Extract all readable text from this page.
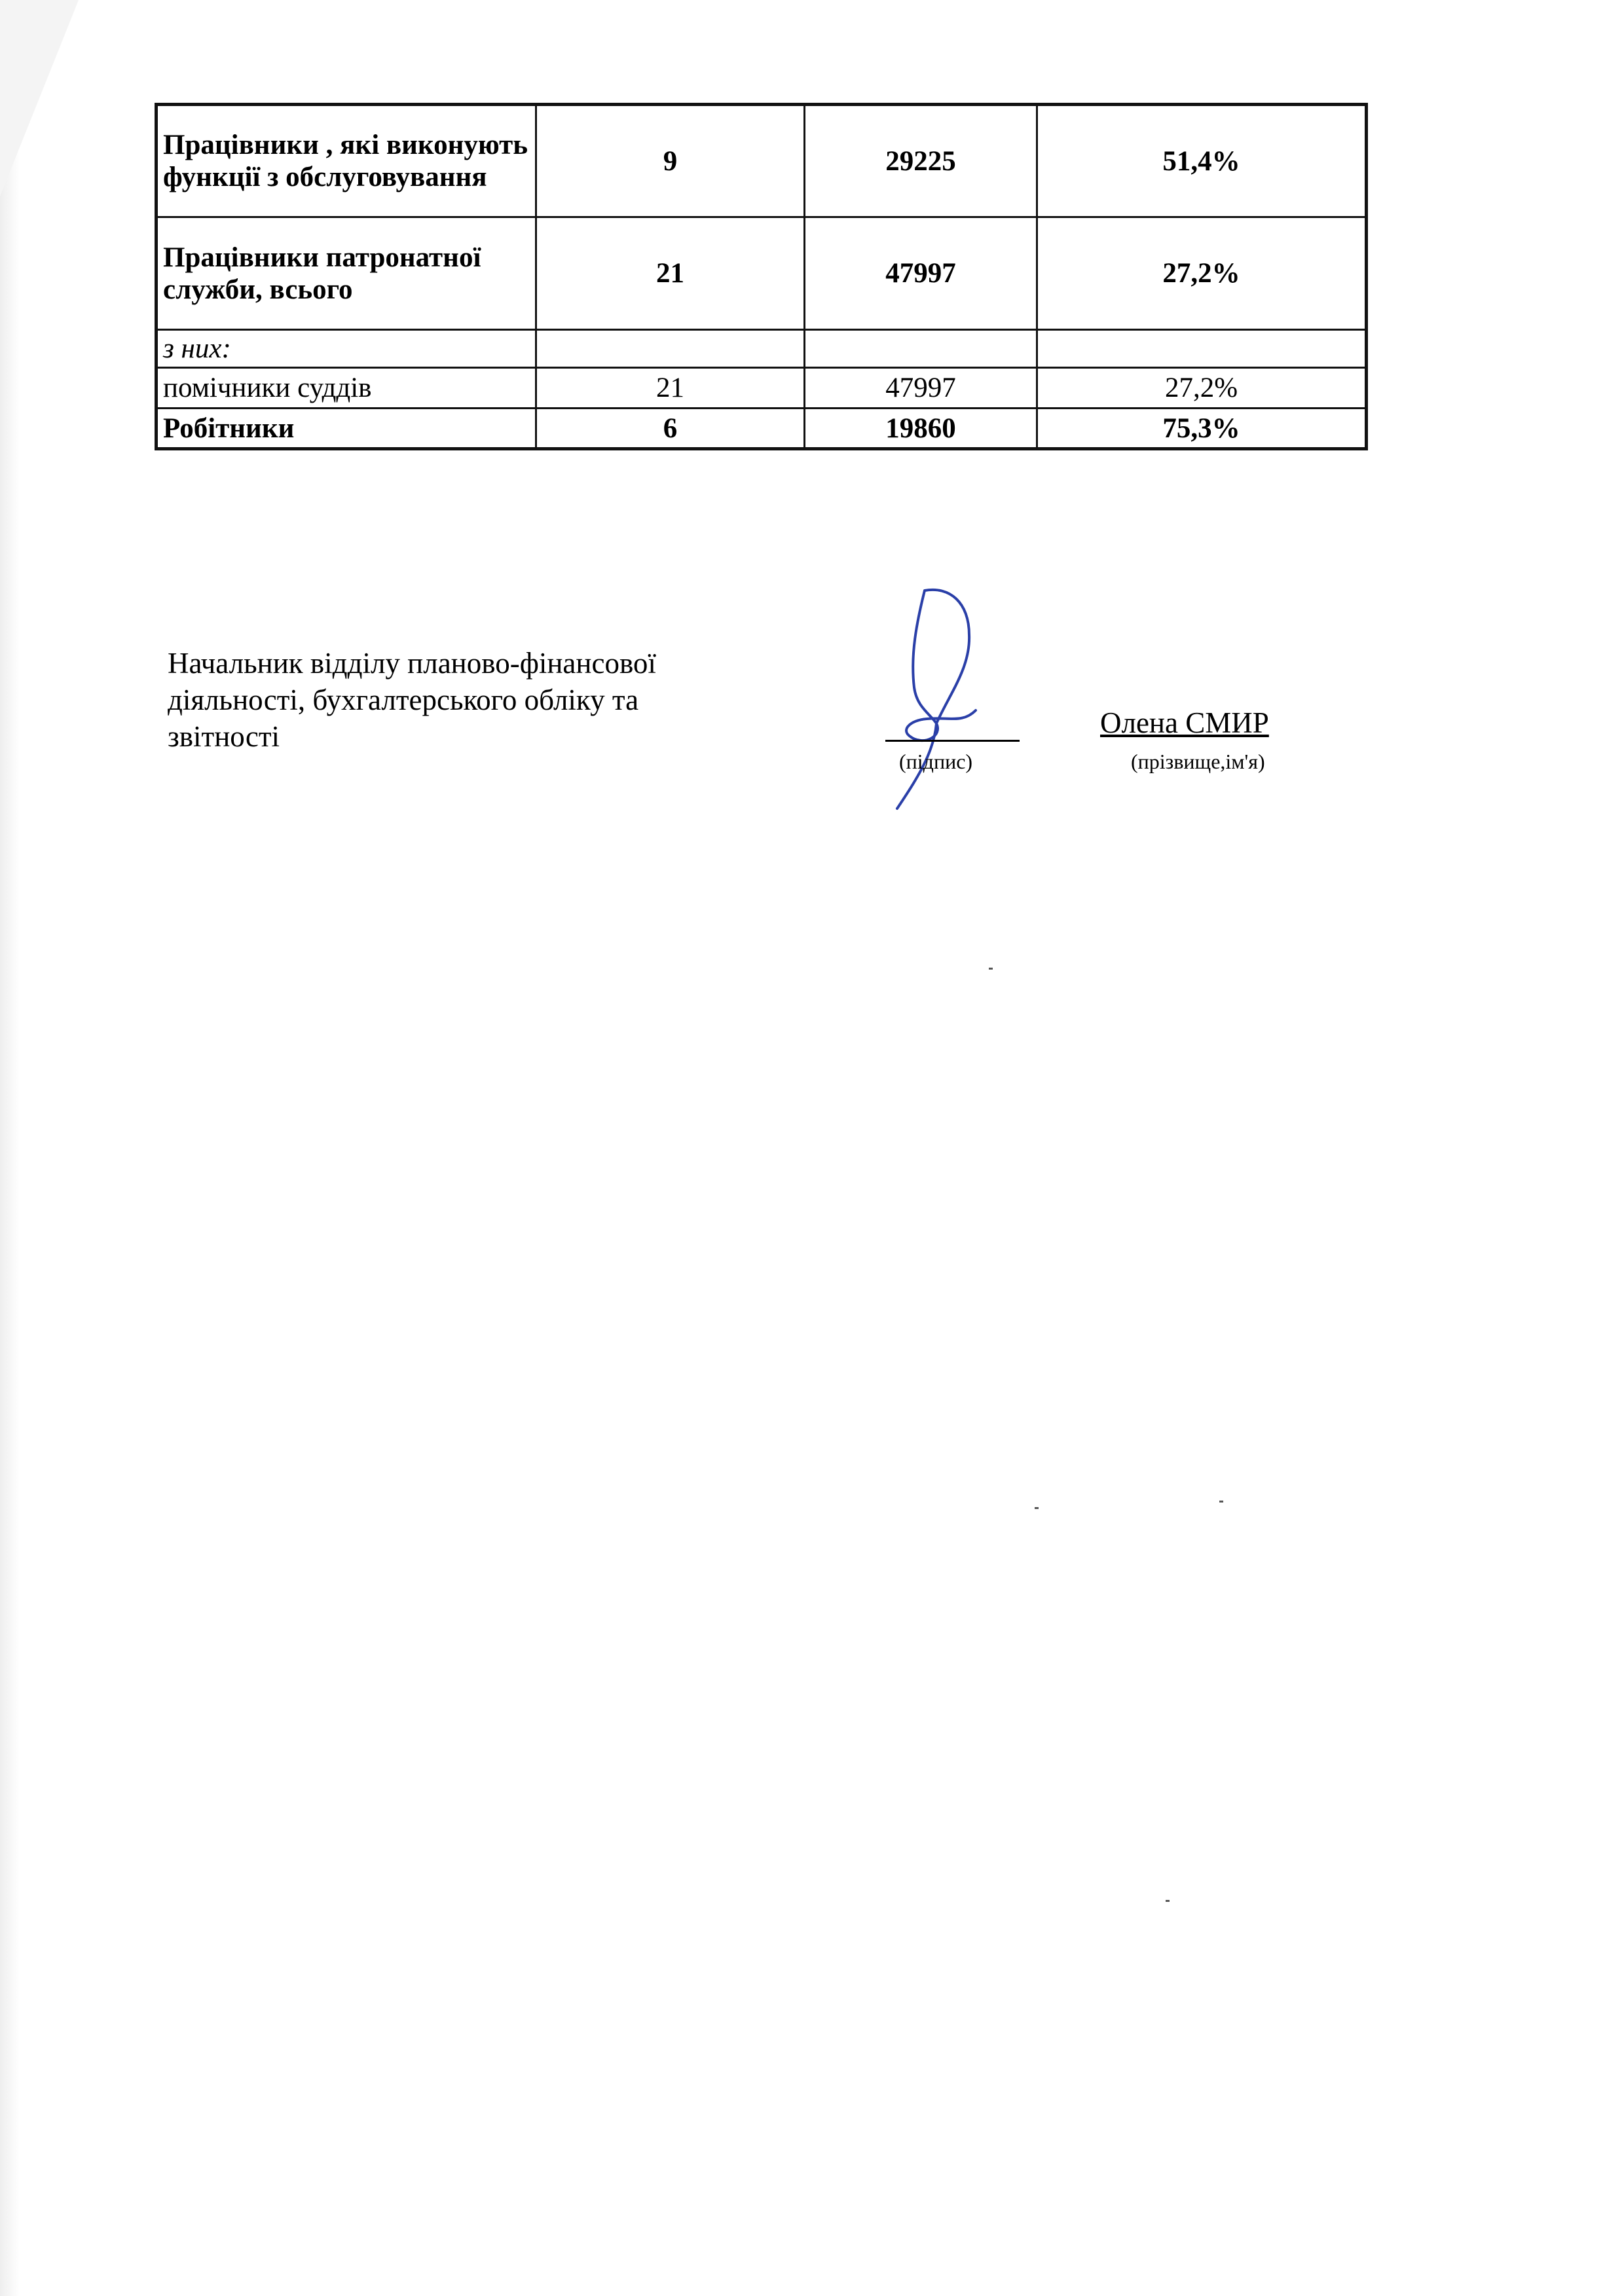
Працівники , які виконують функції з обслуговування	9	29225	51,4%
Працівники патронатної служби, всього	21	47997	27,2%
з них:			
помічники суддів	21	47997	27,2%
Робітники	6	19860	75,3%
Начальник відділу планово-фінансової діяльності, бухгалтерського обліку та звітності
(підпис)
Олена СМИР
(прізвище,ім'я)
